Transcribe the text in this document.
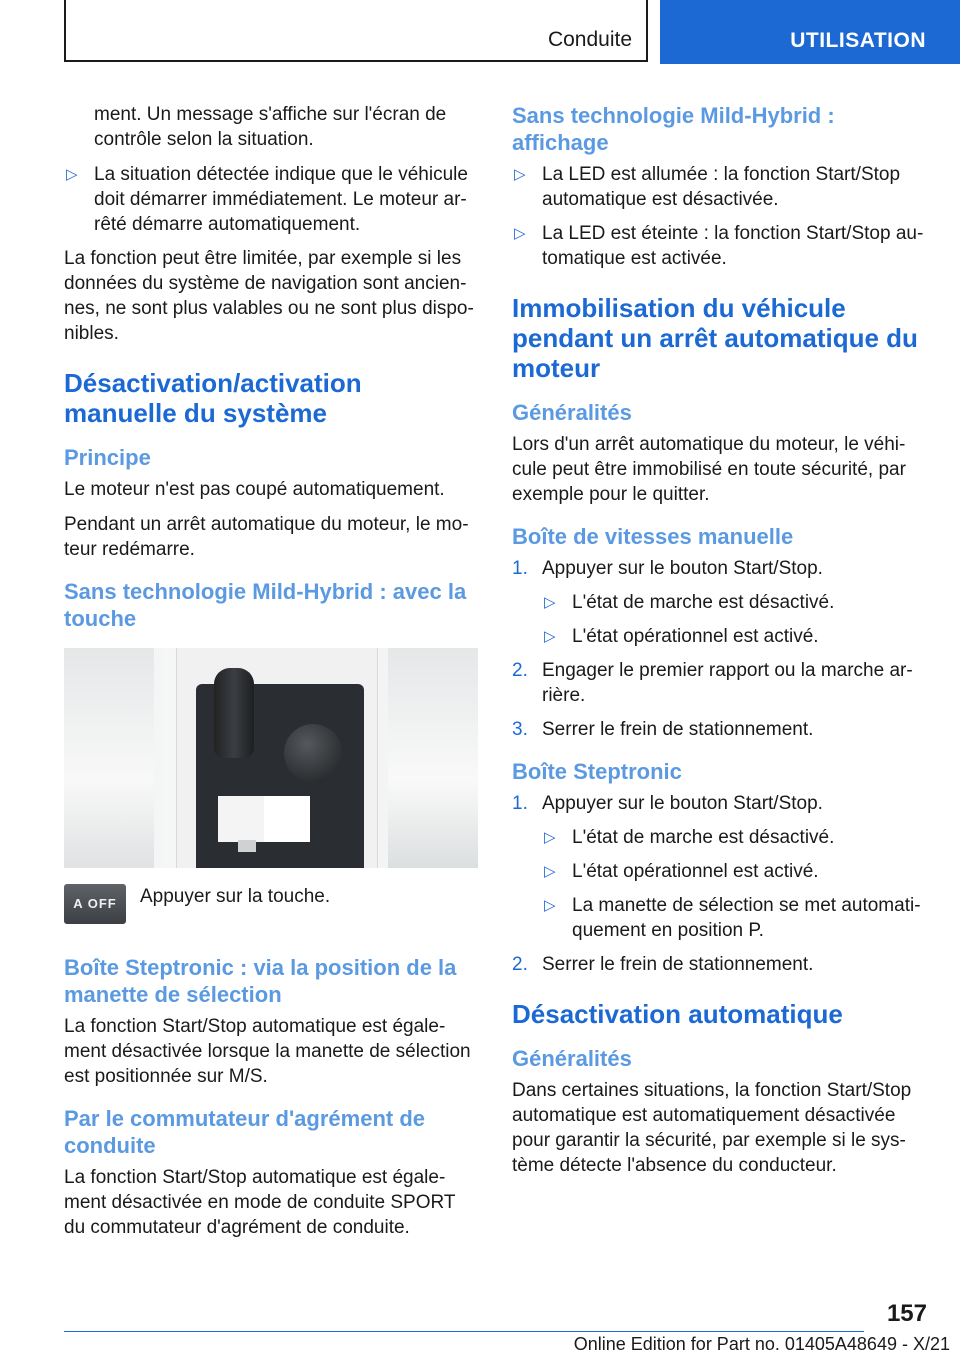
Conduite	UTILISATION

ment. Un message s'affiche sur l'écran de contrôle selon la situation.

▷ La situation détectée indique que le véhicule doit démarrer immédiatement. Le moteur ar‐rêté démarre automatiquement.

La fonction peut être limitée, par exemple si les données du système de navigation sont ancien‐nes, ne sont plus valables ou ne sont plus dispo‐nibles.

Désactivation/activation manuelle du système
Principe

Le moteur n'est pas coupé automatiquement.

Pendant un arrêt automatique du moteur, le mo‐teur redémarre.

Sans technologie Mild-Hybrid : avec la touche
A OFF	Appuyer sur la touche.
Boîte Steptronic : via la position de la manette de sélection

La fonction Start/Stop automatique est égale‐ment désactivée lorsque la manette de sélection est positionnée sur M/S.

Par le commutateur d'agrément de conduite

La fonction Start/Stop automatique est égale‐ment désactivée en mode de conduite SPORT du commutateur d'agrément de conduite.

Sans technologie Mild-Hybrid : affichage
▷ La LED est allumée : la fonction Start/Stop automatique est désactivée.
▷ La LED est éteinte : la fonction Start/Stop au‐tomatique est activée.
Immobilisation du véhicule pendant un arrêt automatique du moteur
Généralités

Lors d'un arrêt automatique du moteur, le véhi‐cule peut être immobilisé en toute sécurité, par exemple pour le quitter.

Boîte de vitesses manuelle
1. Appuyer sur le bouton Start/Stop.
▷ L'état de marche est désactivé.
▷ L'état opérationnel est activé.
2. Engager le premier rapport ou la marche ar‐rière.
3. Serrer le frein de stationnement.
Boîte Steptronic
1. Appuyer sur le bouton Start/Stop.
▷ L'état de marche est désactivé.
▷ L'état opérationnel est activé.
▷ La manette de sélection se met automati‐quement en position P.
2. Serrer le frein de stationnement.
Désactivation automatique
Généralités

Dans certaines situations, la fonction Start/Stop automatique est automatiquement désactivée pour garantir la sécurité, par exemple si le sys‐tème détecte l'absence du conducteur.

157
Online Edition for Part no. 01405A48649 - X/21
